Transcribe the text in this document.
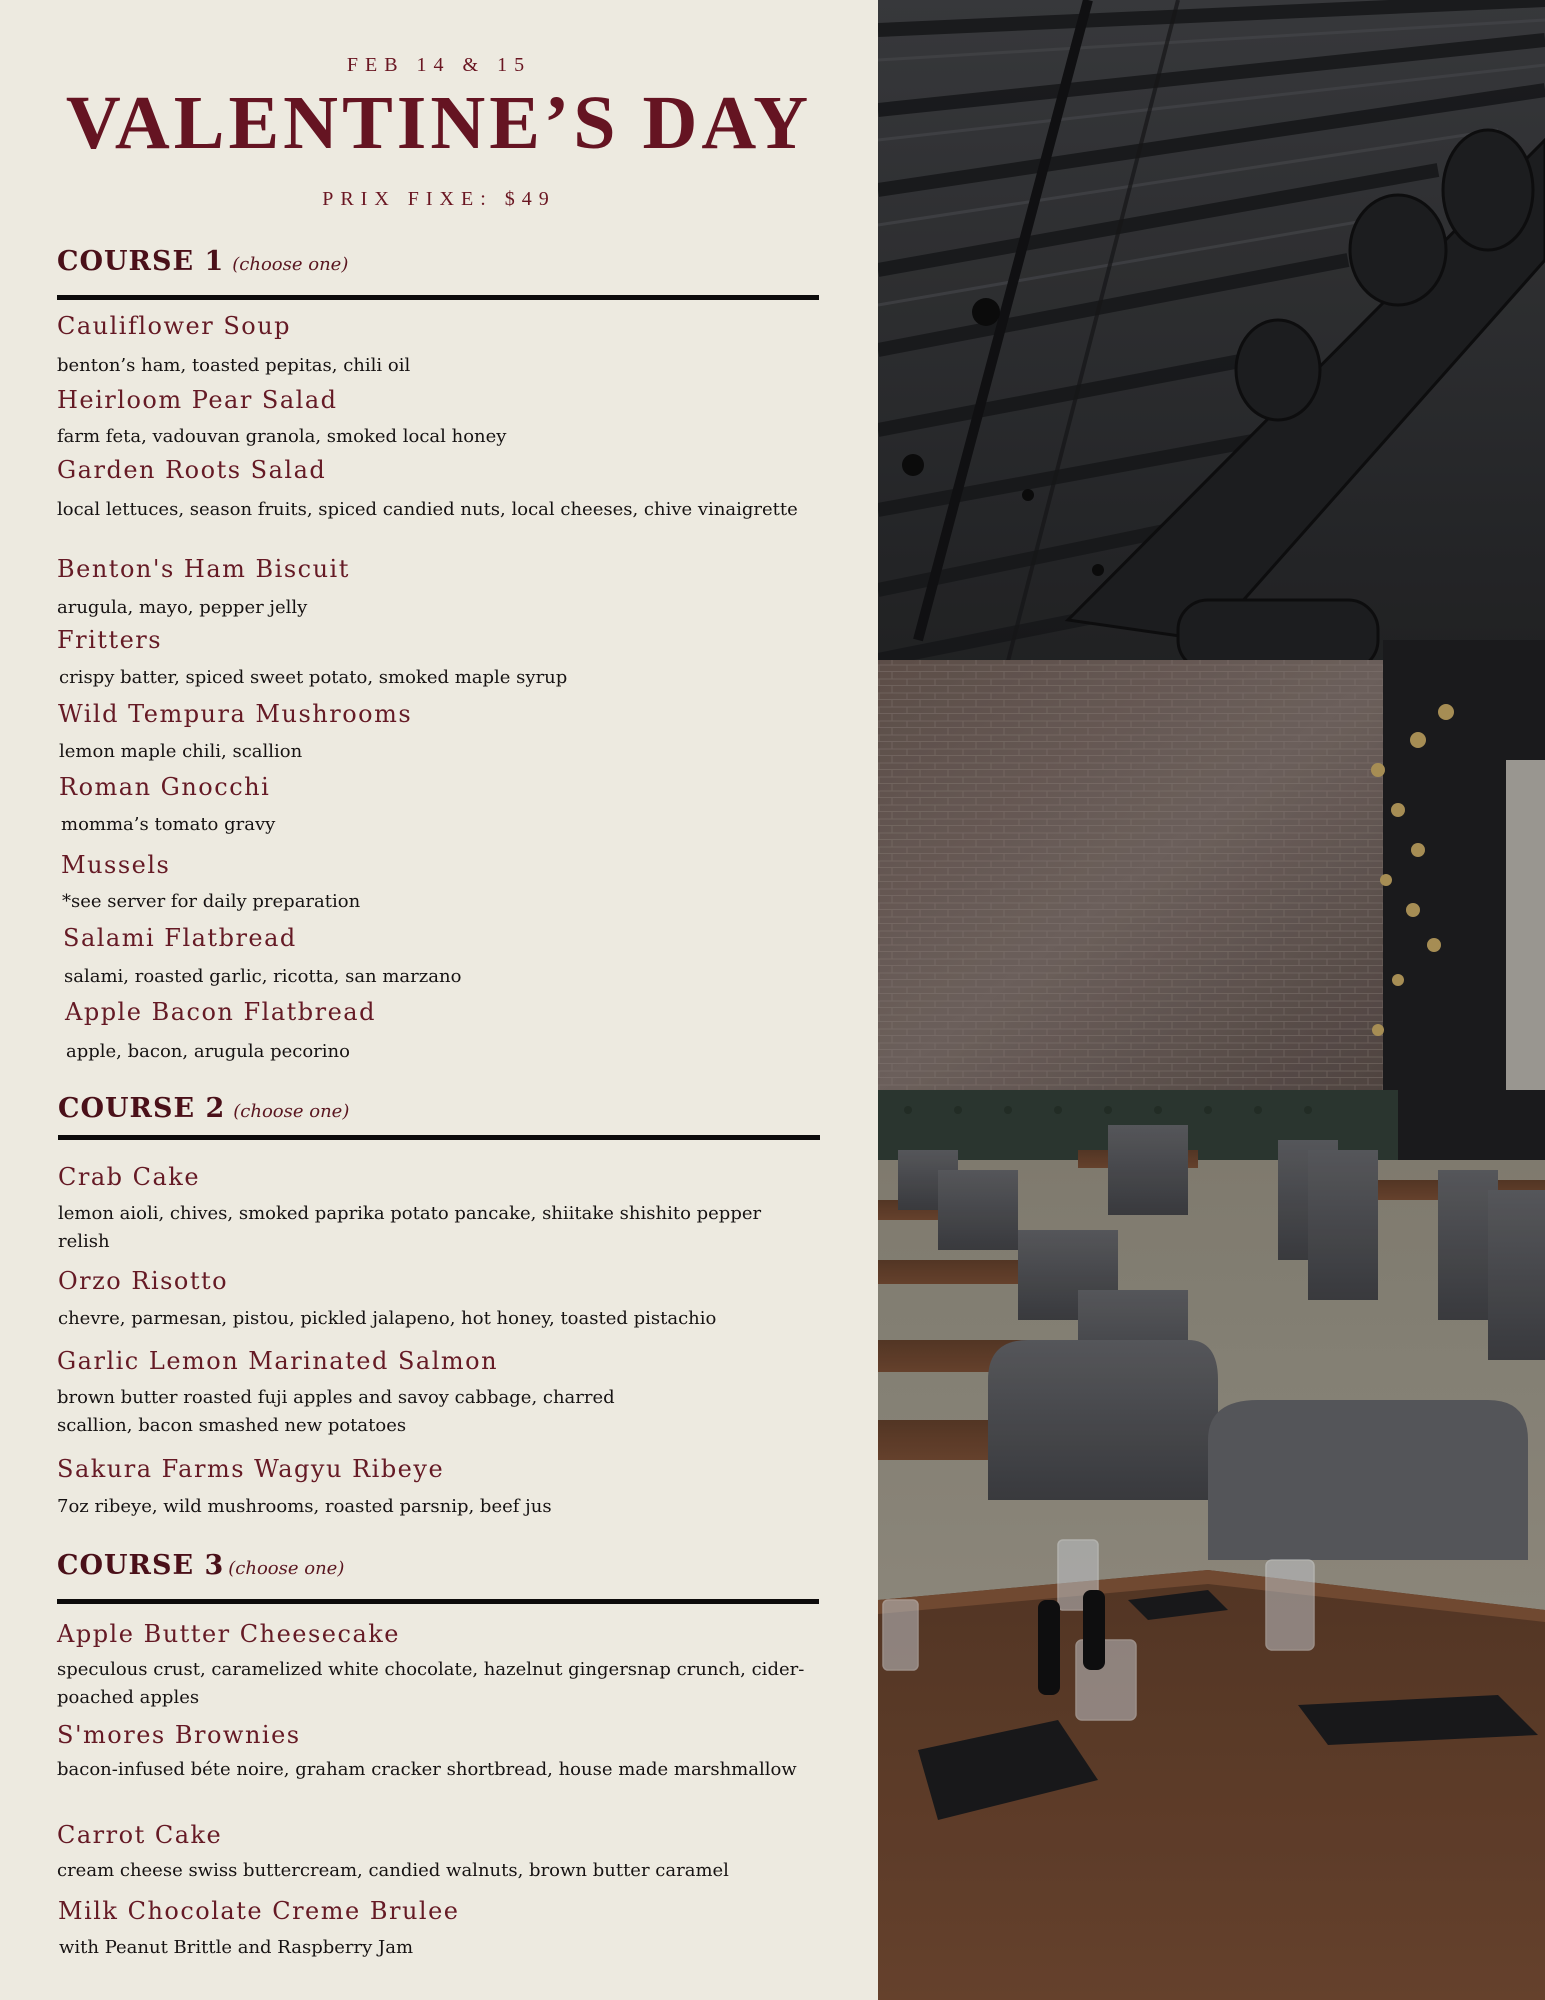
FEB 14 & 15
VALENTINE’S DAY
PRIX FIXE: $49
COURSE 1 (choose one)
Cauliflower Soup
benton’s ham, toasted pepitas, chili oil
Heirloom Pear Salad
farm feta, vadouvan granola, smoked local honey
Garden Roots Salad
local lettuces, season fruits, spiced candied nuts, local cheeses, chive vinaigrette
Benton's Ham Biscuit
arugula, mayo, pepper jelly
Fritters
crispy batter, spiced sweet potato, smoked maple syrup
Wild Tempura Mushrooms
lemon maple chili, scallion
Roman Gnocchi
momma’s tomato gravy
Mussels
*see server for daily preparation
Salami Flatbread
salami, roasted garlic, ricotta, san marzano
Apple Bacon Flatbread
apple, bacon, arugula pecorino
COURSE 2 (choose one)
Crab Cake
lemon aioli, chives, smoked paprika potato pancake, shiitake shishito pepper relish
Orzo Risotto
chevre, parmesan, pistou, pickled jalapeno, hot honey, toasted pistachio
Garlic Lemon Marinated Salmon
brown butter roasted fuji apples and savoy cabbage, charred scallion, bacon smashed new potatoes
Sakura Farms Wagyu Ribeye
7oz ribeye, wild mushrooms, roasted parsnip, beef jus
COURSE 3 (choose one)
Apple Butter Cheesecake
speculous crust, caramelized white chocolate, hazelnut gingersnap crunch, cider-poached apples
S'mores Brownies
bacon-infused béte noire, graham cracker shortbread, house made marshmallow
Carrot Cake
cream cheese swiss buttercream, candied walnuts, brown butter caramel
Milk Chocolate Creme Brulee
with Peanut Brittle and Raspberry Jam
